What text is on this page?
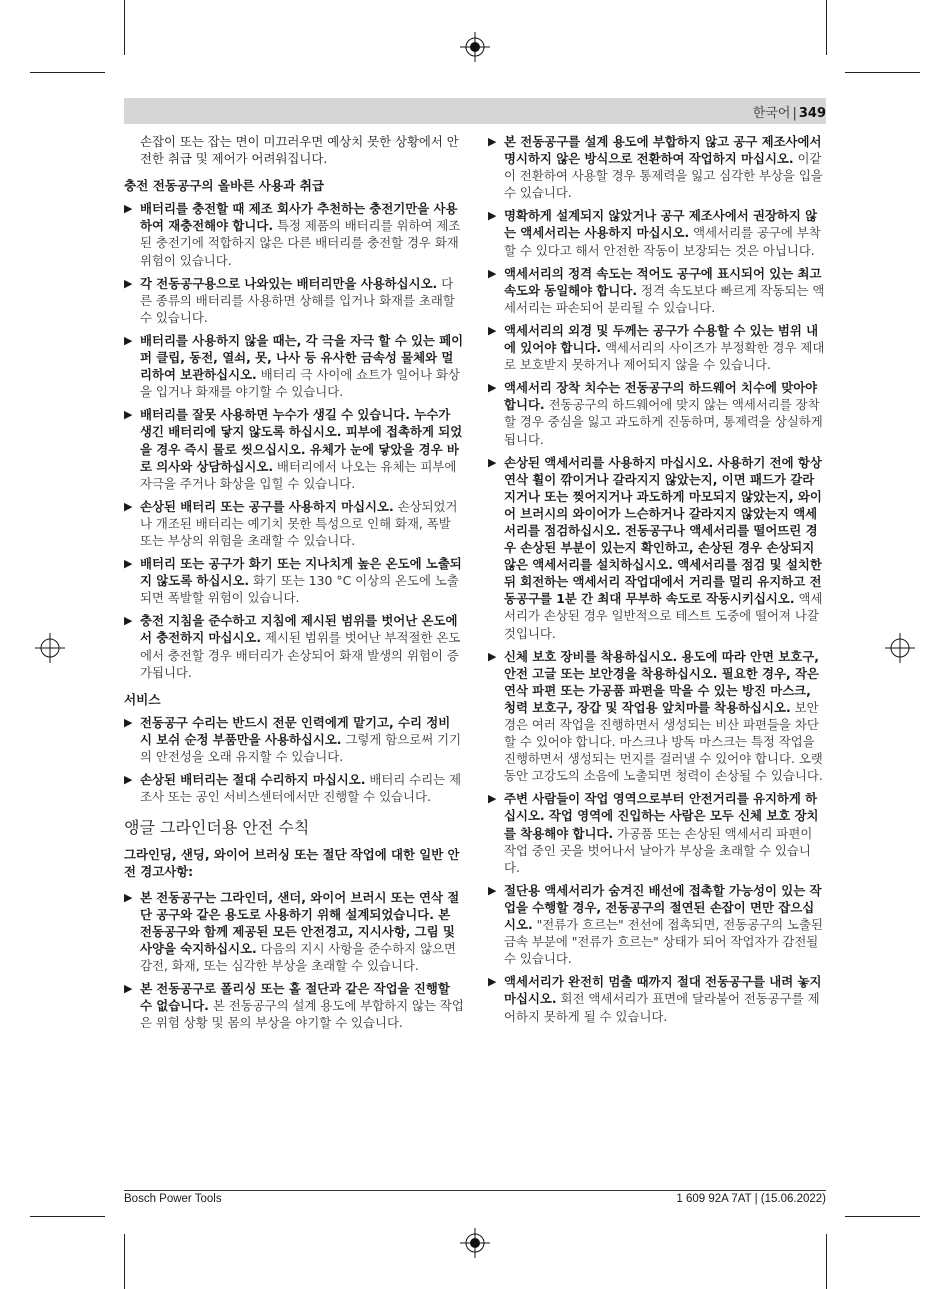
한국어 | 349

손잡이 또는 잡는 면이 미끄러우면 예상치 못한 상황에서 안전한 취급 및 제어가 어려워집니다.

충전 전동공구의 올바른 사용과 취급
▶ 배터리를 충전할 때 제조 회사가 추천하는 충전기만을 사용하여 재충전해야 합니다. 특정 제품의 배터리를 위하여 제조된 충전기에 적합하지 않은 다른 배터리를 충전할 경우 화재 위험이 있습니다.
▶ 각 전동공구용으로 나와있는 배터리만을 사용하십시오. 다른 종류의 배터리를 사용하면 상해를 입거나 화재를 초래할 수 있습니다.
▶ 배터리를 사용하지 않을 때는, 각 극을 자극 할 수 있는 페이퍼 클립, 동전, 열쇠, 못, 나사 등 유사한 금속성 물체와 멀리하여 보관하십시오. 배터리 극 사이에 쇼트가 일어나 화상을 입거나 화재를 야기할 수 있습니다.
▶ 배터리를 잘못 사용하면 누수가 생길 수 있습니다. 누수가 생긴 배터리에 닿지 않도록 하십시오. 피부에 접촉하게 되었을 경우 즉시 물로 씻으십시오. 유체가 눈에 닿았을 경우 바로 의사와 상담하십시오. 배터리에서 나오는 유체는 피부에 자극을 주거나 화상을 입힐 수 있습니다.
▶ 손상된 배터리 또는 공구를 사용하지 마십시오. 손상되었거나 개조된 배터리는 예기치 못한 특성으로 인해 화재, 폭발 또는 부상의 위험을 초래할 수 있습니다.
▶ 배터리 또는 공구가 화기 또는 지나치게 높은 온도에 노출되지 않도록 하십시오. 화기 또는 130 °C 이상의 온도에 노출되면 폭발할 위험이 있습니다.
▶ 충전 지침을 준수하고 지침에 제시된 범위를 벗어난 온도에서 충전하지 마십시오. 제시된 범위를 벗어난 부적절한 온도에서 충전할 경우 배터리가 손상되어 화재 발생의 위험이 증가됩니다.
서비스
▶ 전동공구 수리는 반드시 전문 인력에게 맡기고, 수리 정비 시 보쉬 순정 부품만을 사용하십시오. 그렇게 함으로써 기기의 안전성을 오래 유지할 수 있습니다.
▶ 손상된 배터리는 절대 수리하지 마십시오. 배터리 수리는 제조사 또는 공인 서비스센터에서만 진행할 수 있습니다.
앵글 그라인더용 안전 수칙

그라인딩, 샌딩, 와이어 브러싱 또는 절단 작업에 대한 일반 안전 경고사항:

▶ 본 전동공구는 그라인더, 샌더, 와이어 브러시 또는 연삭 절단 공구와 같은 용도로 사용하기 위해 설계되었습니다. 본 전동공구와 함께 제공된 모든 안전경고, 지시사항, 그림 및 사양을 숙지하십시오. 다음의 지시 사항을 준수하지 않으면 감전, 화재, 또는 심각한 부상을 초래할 수 있습니다.
▶ 본 전동공구로 폴리싱 또는 홀 절단과 같은 작업을 진행할 수 없습니다. 본 전동공구의 설계 용도에 부합하지 않는 작업은 위험 상황 및 몸의 부상을 야기할 수 있습니다.
▶ 본 전동공구를 설계 용도에 부합하지 않고 공구 제조사에서 명시하지 않은 방식으로 전환하여 작업하지 마십시오. 이같이 전환하여 사용할 경우 통제력을 잃고 심각한 부상을 입을 수 있습니다.
▶ 명확하게 설계되지 않았거나 공구 제조사에서 권장하지 않는 액세서리는 사용하지 마십시오. 액세서리를 공구에 부착할 수 있다고 해서 안전한 작동이 보장되는 것은 아닙니다.
▶ 액세서리의 정격 속도는 적어도 공구에 표시되어 있는 최고 속도와 동일해야 합니다. 정격 속도보다 빠르게 작동되는 액세서리는 파손되어 분리될 수 있습니다.
▶ 액세서리의 외경 및 두께는 공구가 수용할 수 있는 범위 내에 있어야 합니다. 액세서리의 사이즈가 부정확한 경우 제대로 보호받지 못하거나 제어되지 않을 수 있습니다.
▶ 액세서리 장착 치수는 전동공구의 하드웨어 치수에 맞아야 합니다. 전동공구의 하드웨어에 맞지 않는 액세서리를 장착할 경우 중심을 잃고 과도하게 진동하며, 통제력을 상실하게 됩니다.
▶ 손상된 액세서리를 사용하지 마십시오. 사용하기 전에 항상 연삭 휠이 깎이거나 갈라지지 않았는지, 이면 패드가 갈라지거나 또는 찢어지거나 과도하게 마모되지 않았는지, 와이어 브러시의 와이어가 느슨하거나 갈라지지 않았는지 액세서리를 점검하십시오. 전동공구나 액세서리를 떨어뜨린 경우 손상된 부분이 있는지 확인하고, 손상된 경우 손상되지 않은 액세서리를 설치하십시오. 액세서리를 점검 및 설치한 뒤 회전하는 액세서리 작업대에서 거리를 멀리 유지하고 전동공구를 1분 간 최대 무부하 속도로 작동시키십시오. 액세서리가 손상된 경우 일반적으로 테스트 도중에 떨어져 나갈 것입니다.
▶ 신체 보호 장비를 착용하십시오. 용도에 따라 안면 보호구, 안전 고글 또는 보안경을 착용하십시오. 필요한 경우, 작은 연삭 파편 또는 가공품 파편을 막을 수 있는 방진 마스크, 청력 보호구, 장갑 및 작업용 앞치마를 착용하십시오. 보안경은 여러 작업을 진행하면서 생성되는 비산 파편들을 차단할 수 있어야 합니다. 마스크나 방독 마스크는 특정 작업을 진행하면서 생성되는 먼지를 걸러낼 수 있어야 합니다. 오랫동안 고강도의 소음에 노출되면 청력이 손상될 수 있습니다.
▶ 주변 사람들이 작업 영역으로부터 안전거리를 유지하게 하십시오. 작업 영역에 진입하는 사람은 모두 신체 보호 장치를 착용해야 합니다. 가공품 또는 손상된 액세서리 파편이 작업 중인 곳을 벗어나서 날아가 부상을 초래할 수 있습니다.
▶ 절단용 액세서리가 숨겨진 배선에 접촉할 가능성이 있는 작업을 수행할 경우, 전동공구의 절연된 손잡이 면만 잡으십시오. "전류가 흐르는" 전선에 접촉되면, 전동공구의 노출된 금속 부분에 "전류가 흐르는" 상태가 되어 작업자가 감전될 수 있습니다.
▶ 액세서리가 완전히 멈출 때까지 절대 전동공구를 내려 놓지 마십시오. 회전 액세서리가 표면에 달라붙어 전동공구를 제어하지 못하게 될 수 있습니다.
Bosch Power Tools	1 609 92A 7AT | (15.06.2022)
